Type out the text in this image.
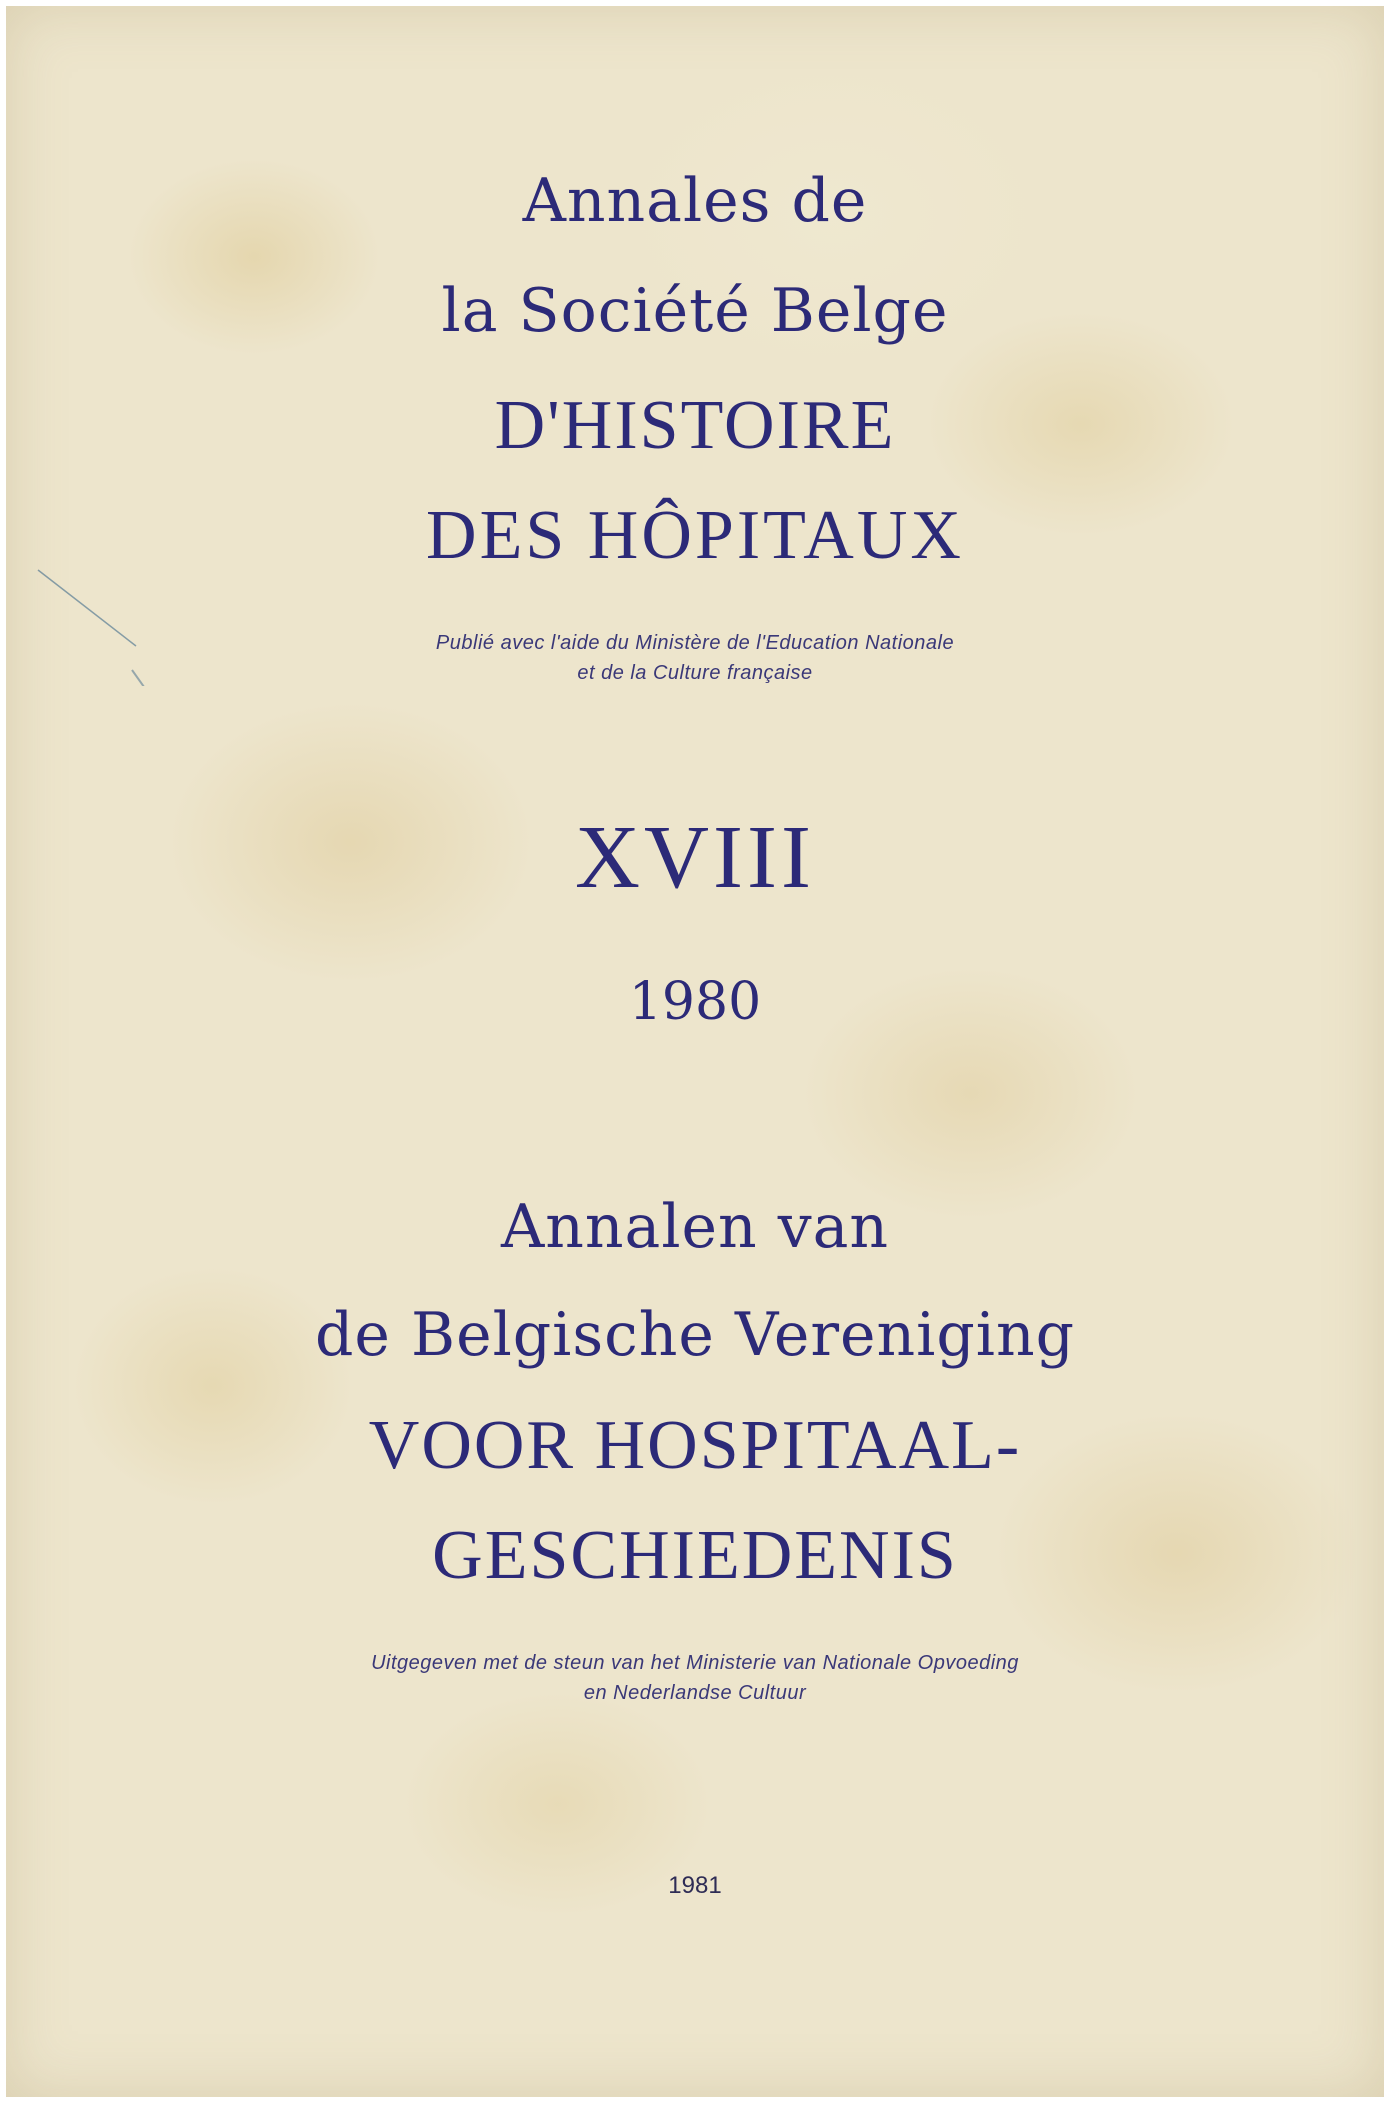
Annales de
la Société Belge
D'HISTOIRE
DES HÔPITAUX
Publié avec l'aide du Ministère de l'Education Nationale
et de la Culture française
XVIII
1980
Annalen van
de Belgische Vereniging
VOOR HOSPITAAL-
GESCHIEDENIS
Uitgegeven met de steun van het Ministerie van Nationale Opvoeding
en Nederlandse Cultuur
1981
